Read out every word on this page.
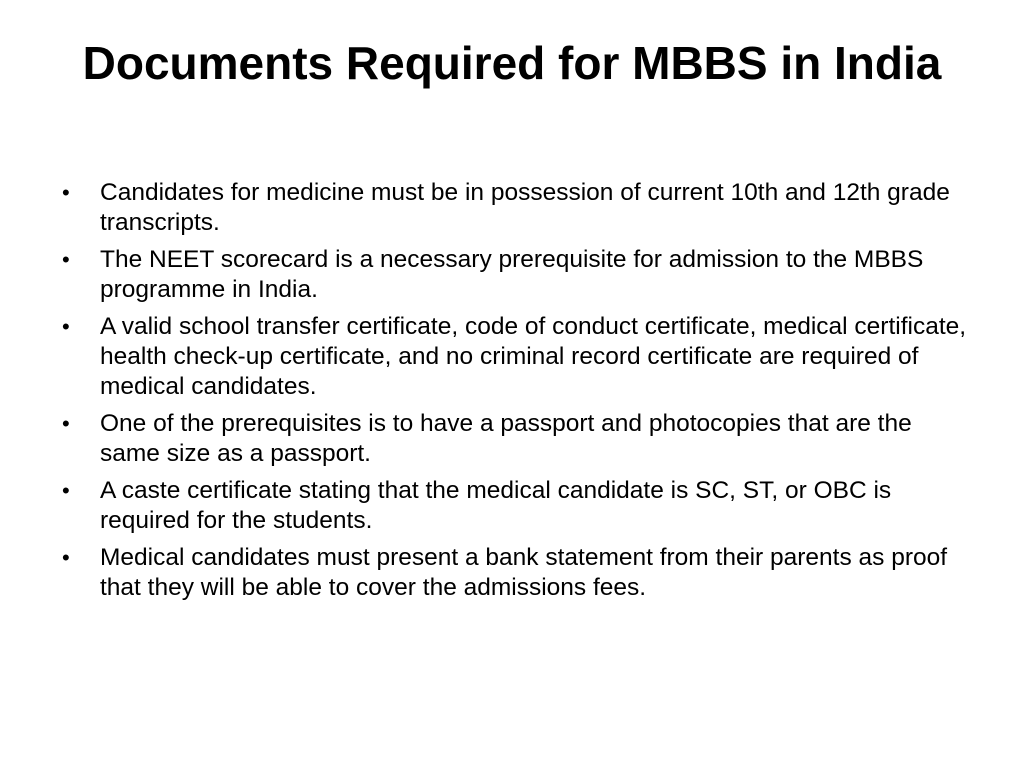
Documents Required for MBBS in India
•	Candidates for medicine must be in possession of current 10th and 12th grade transcripts.
•	The NEET scorecard is a necessary prerequisite for admission to the MBBS programme in India.
•	A valid school transfer certificate, code of conduct certificate, medical certificate, health check-up certificate, and no criminal record certificate are required of medical candidates.
•	One of the prerequisites is to have a passport and photocopies that are the same size as a passport.
•	A caste certificate stating that the medical candidate is SC, ST, or OBC is required for the students.
•	Medical candidates must present a bank statement from their parents as proof that they will be able to cover the admissions fees.
